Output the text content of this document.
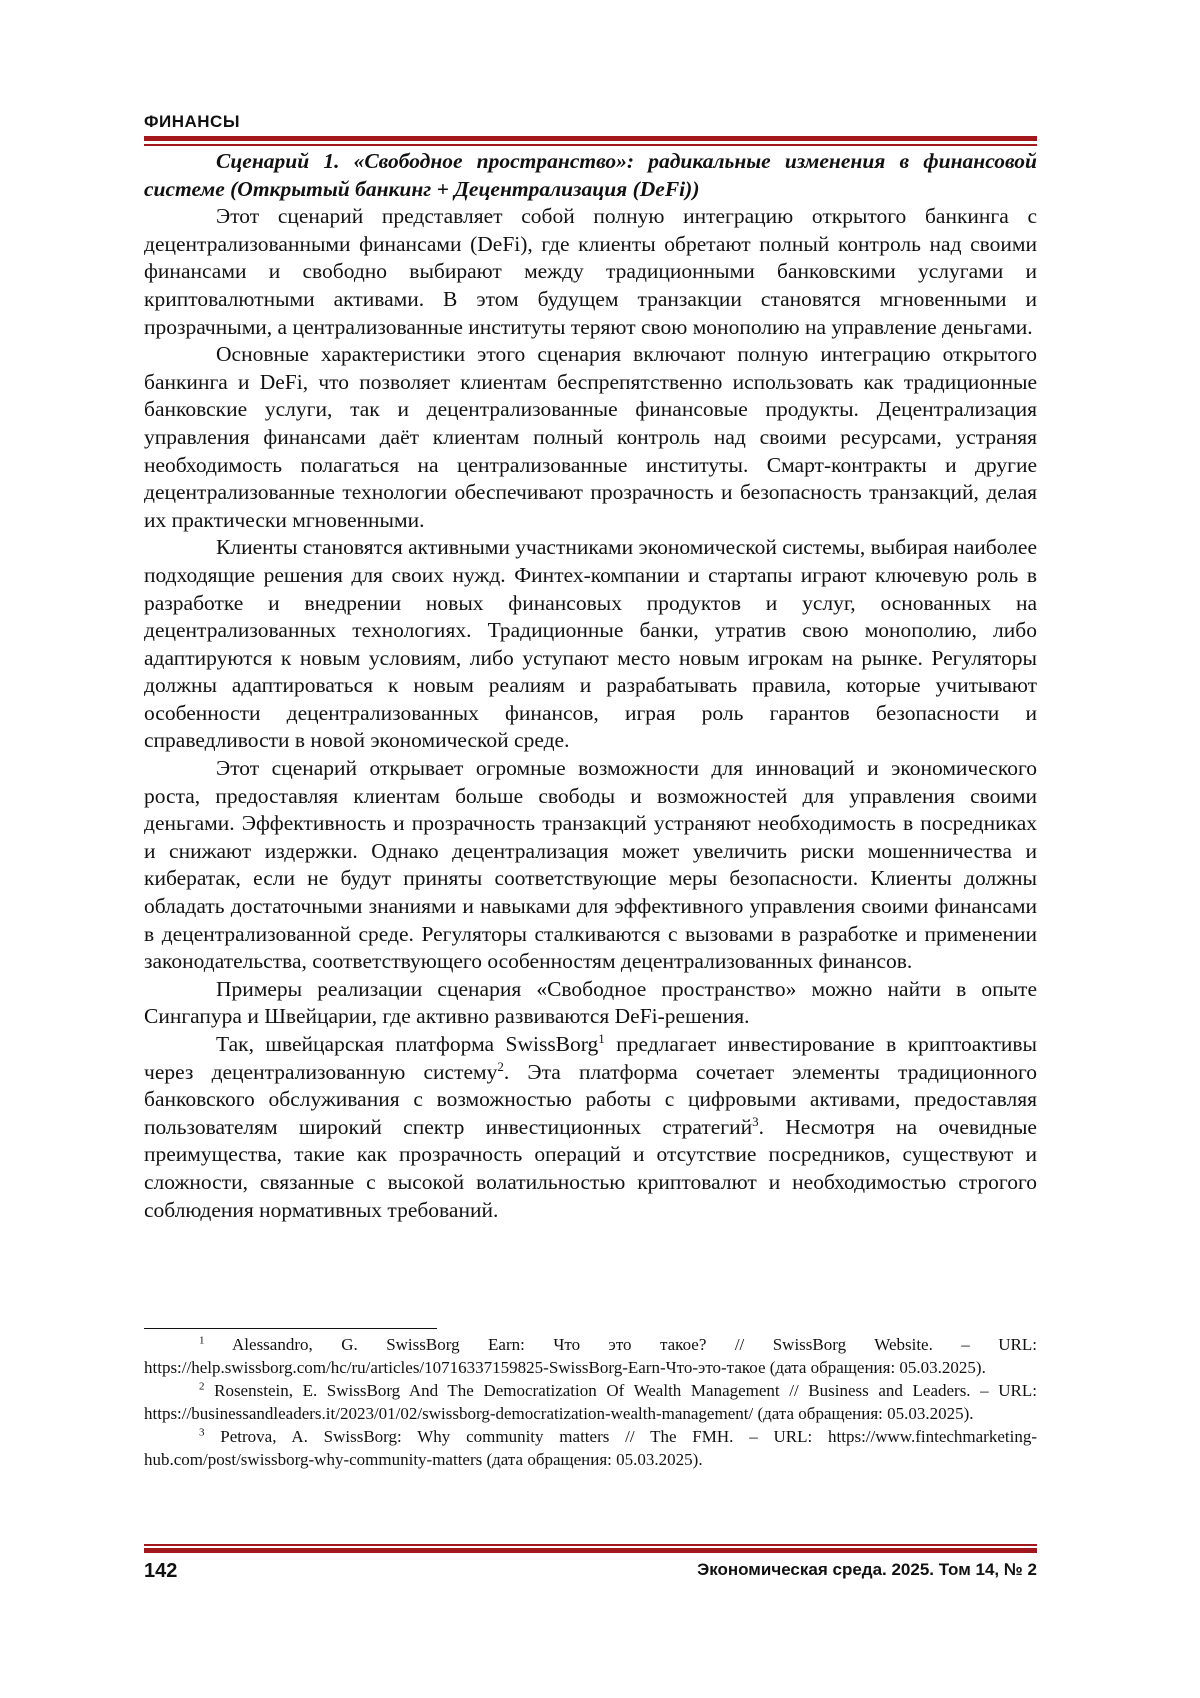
ФИНАНСЫ

Сценарий 1. «Свободное пространство»: радикальные изменения в финансовой системе (Открытый банкинг + Децентрализация (DeFi))

Этот сценарий представляет собой полную интеграцию открытого банкинга с децентрализованными финансами (DeFi), где клиенты обретают полный контроль над своими финансами и свободно выбирают между традиционными банковскими услугами и криптовалютными активами. В этом будущем транзакции становятся мгновенными и прозрачными, а централизованные институты теряют свою монополию на управление деньгами.

Основные характеристики этого сценария включают полную интеграцию открытого банкинга и DeFi, что позволяет клиентам беспрепятственно использовать как традиционные банковские услуги, так и децентрализованные финансовые продукты. Децентрализация управления финансами даёт клиентам полный контроль над своими ресурсами, устраняя необходимость полагаться на централизованные институты. Смарт-контракты и другие децентрализованные технологии обеспечивают прозрачность и безопасность транзакций, делая их практически мгновенными.

Клиенты становятся активными участниками экономической системы, выбирая наиболее подходящие решения для своих нужд. Финтех-компании и стартапы играют ключевую роль в разработке и внедрении новых финансовых продуктов и услуг, основанных на децентрализованных технологиях. Традиционные банки, утратив свою монополию, либо адаптируются к новым условиям, либо уступают место новым игрокам на рынке. Регуляторы должны адаптироваться к новым реалиям и разрабатывать правила, которые учитывают особенности децентрализованных финансов, играя роль гарантов безопасности и справедливости в новой экономической среде.

Этот сценарий открывает огромные возможности для инноваций и экономического роста, предоставляя клиентам больше свободы и возможностей для управления своими деньгами. Эффективность и прозрачность транзакций устраняют необходимость в посредниках и снижают издержки. Однако децентрализация может увеличить риски мошенничества и кибератак, если не будут приняты соответствующие меры безопасности. Клиенты должны обладать достаточными знаниями и навыками для эффективного управления своими финансами в децентрализованной среде. Регуляторы сталкиваются с вызовами в разработке и применении законодательства, соответствующего особенностям децентрализованных финансов.

Примеры реализации сценария «Свободное пространство» можно найти в опыте Сингапура и Швейцарии, где активно развиваются DeFi-решения.

Так, швейцарская платформа SwissBorg$^1$ предлагает инвестирование в криптоактивы через децентрализованную систему$^2$. Эта платформа сочетает элементы традиционного банковского обслуживания с возможностью работы с цифровыми активами, предоставляя пользователям широкий спектр инвестиционных стратегий$^3$. Несмотря на очевидные преимущества, такие как прозрачность операций и отсутствие посредников, существуют и сложности, связанные с высокой волатильностью криптовалют и необходимостью строгого соблюдения нормативных требований.

$^1$ Alessandro, G. SwissBorg Earn: Что это такое? // SwissBorg Website. – URL: https://help.swissborg.com/hc/ru/articles/10716337159825-SwissBorg-Earn-Что-это-такое (дата обращения: 05.03.2025).

$^2$ Rosenstein, E. SwissBorg And The Democratization Of Wealth Management // Business and Leaders. – URL: https://businessandleaders.it/2023/01/02/swissborg-democratization-wealth-management/ (дата обращения: 05.03.2025).

$^3$ Petrova, A. SwissBorg: Why community matters // The FMH. – URL: https://www.fintechmarketing-hub.com/post/swissborg-why-community-matters (дата обращения: 05.03.2025).

142	Экономическая среда. 2025. Том 14, № 2
